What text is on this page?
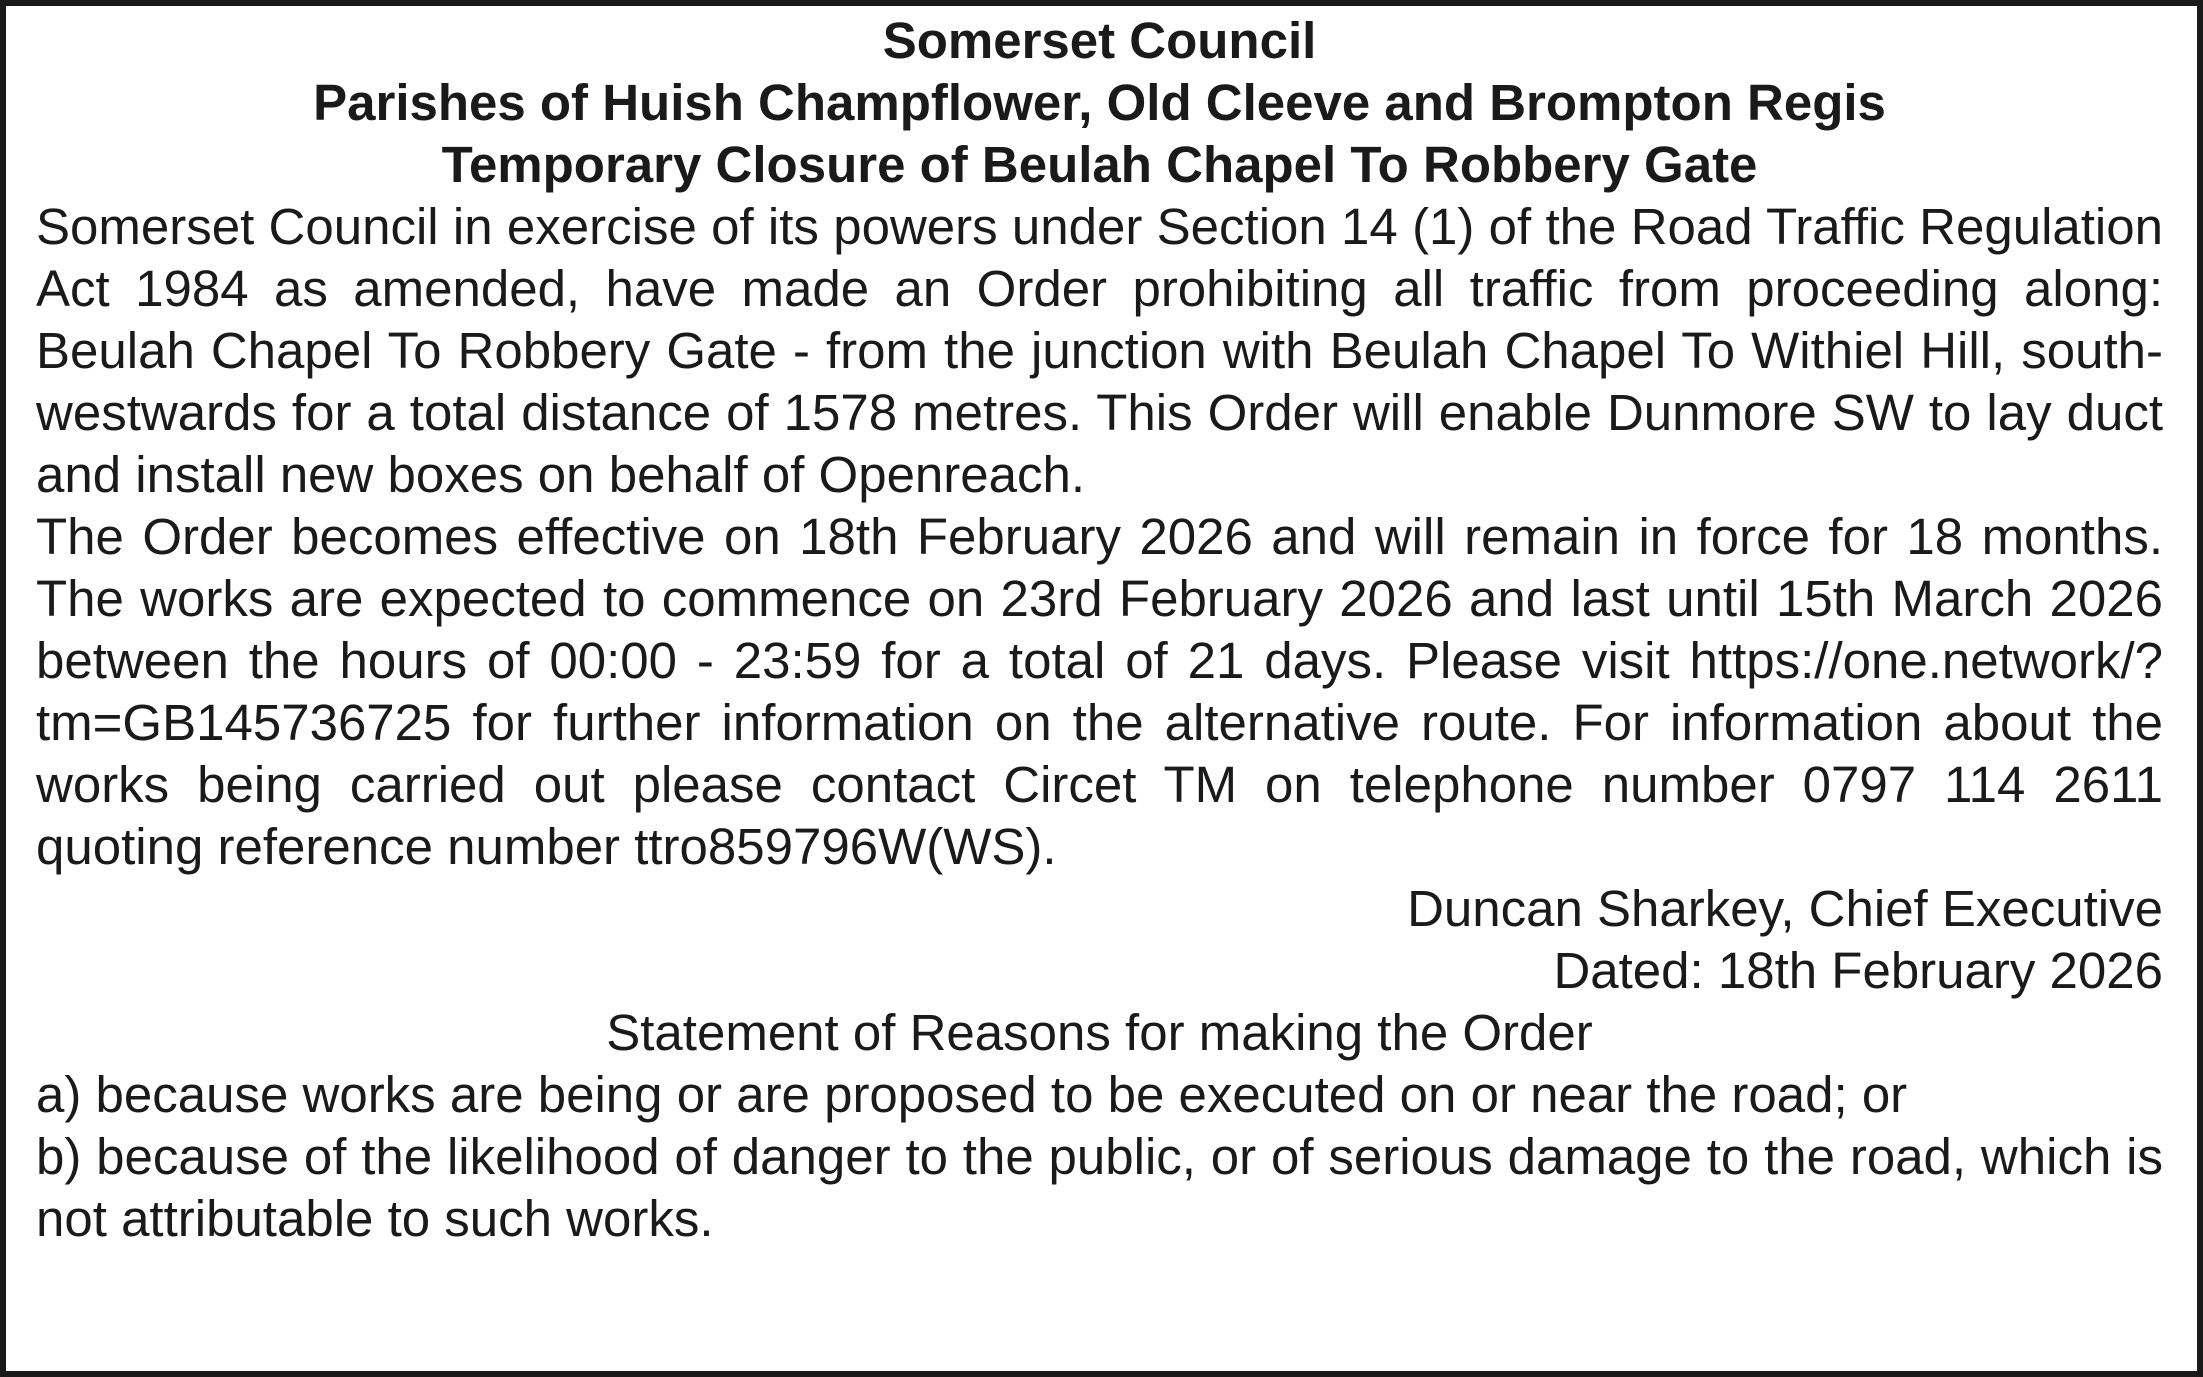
Somerset Council
Parishes of Huish Champflower, Old Cleeve and Brompton Regis
Temporary Closure of Beulah Chapel To Robbery Gate

Somerset Council in exercise of its powers under Section 14 (1) of the Road Traffic Regulation Act 1984 as amended, have made an Order prohibiting all traffic from proceeding along: Beulah Chapel To Robbery Gate - from the junction with Beulah Chapel To Withiel Hill, south- westwards for a total distance of 1578 metres. This Order will enable Dunmore SW to lay duct and install new boxes on behalf of Openreach.

The Order becomes effective on 18th February 2026 and will remain in force for 18 months. The works are expected to commence on 23rd February 2026 and last until 15th March 2026 between the hours of 00:00 - 23:59 for a total of 21 days. Please visit https://one.network/?tm=GB145736725 for further information on the alternative route. For information about the works being carried out please contact Circet TM on telephone number 0797 114 2611 quoting reference number ttro859796W(WS).

Duncan Sharkey, Chief Executive

Dated: 18th February 2026

Statement of Reasons for making the Order

a) because works are being or are proposed to be executed on or near the road; or

b) because of the likelihood of danger to the public, or of serious damage to the road, which is not attributable to such works.
